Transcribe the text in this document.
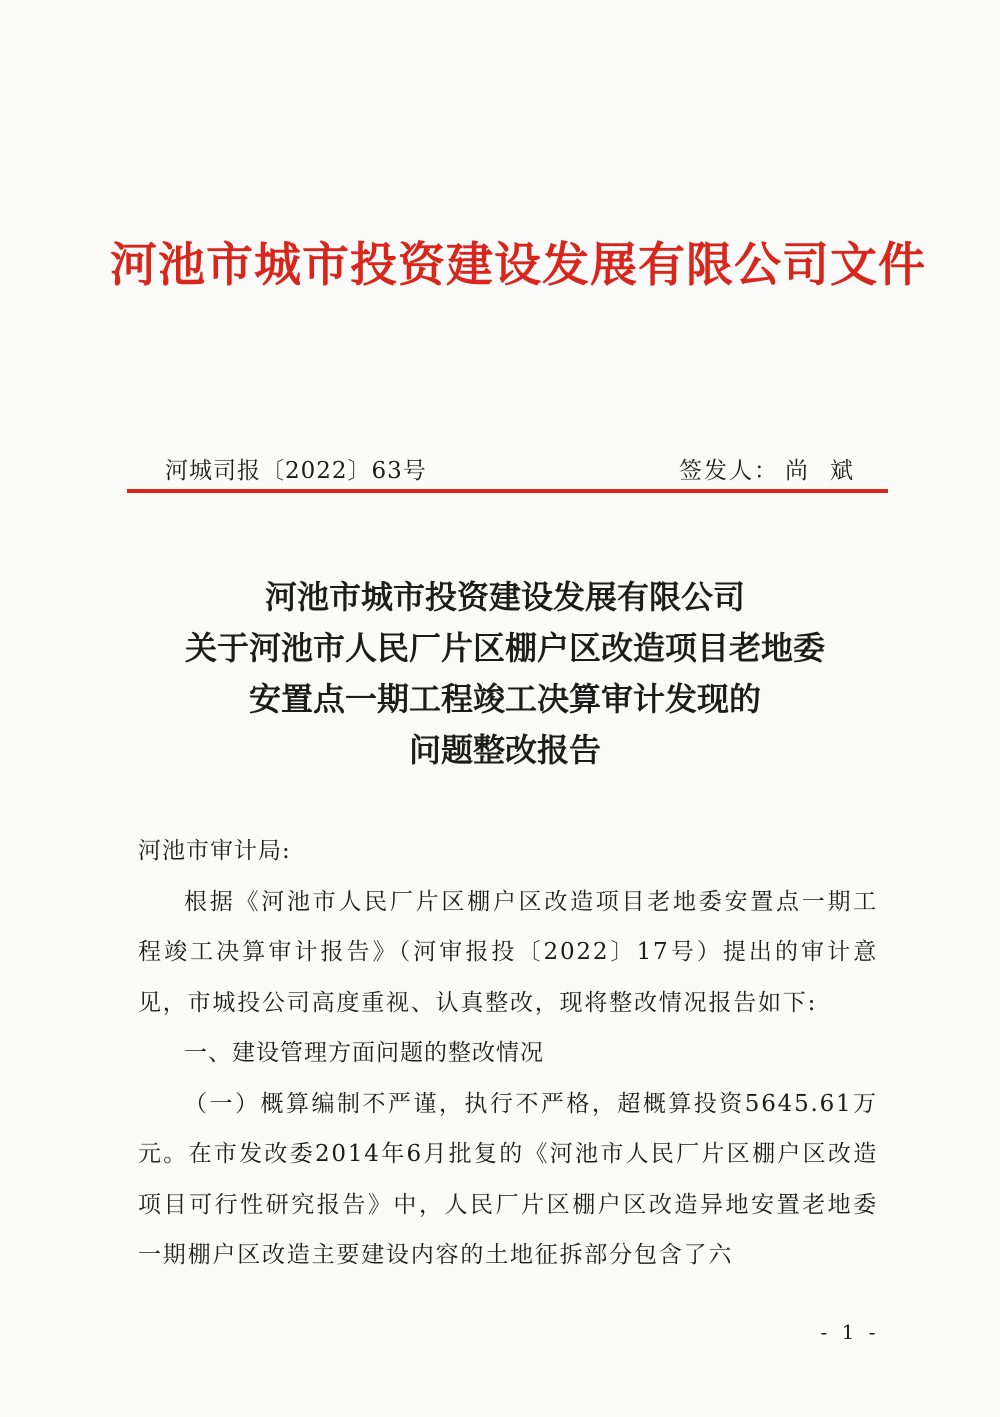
河池市城市投资建设发展有限公司文件
河城司报〔2022〕63号	签发人： 尚斌
河池市城市投资建设发展有限公司
关于河池市人民厂片区棚户区改造项目老地委
安置点一期工程竣工决算审计发现的
问题整改报告

河池市审计局:

根据《河池市人民厂片区棚户区改造项目老地委安置点一期工程竣工决算审计报告》（河审报投〔2022〕17号）提出的审计意见，市城投公司高度重视、认真整改，现将整改情况报告如下:

一、建设管理方面问题的整改情况

（一）概算编制不严谨，执行不严格，超概算投资5645.61万元。在市发改委2014年6月批复的《河池市人民厂片区棚户区改造项目可行性研究报告》中，人民厂片区棚户区改造异地安置老地委一期棚户区改造主要建设内容的土地征拆部分包含了六

- 1 -
